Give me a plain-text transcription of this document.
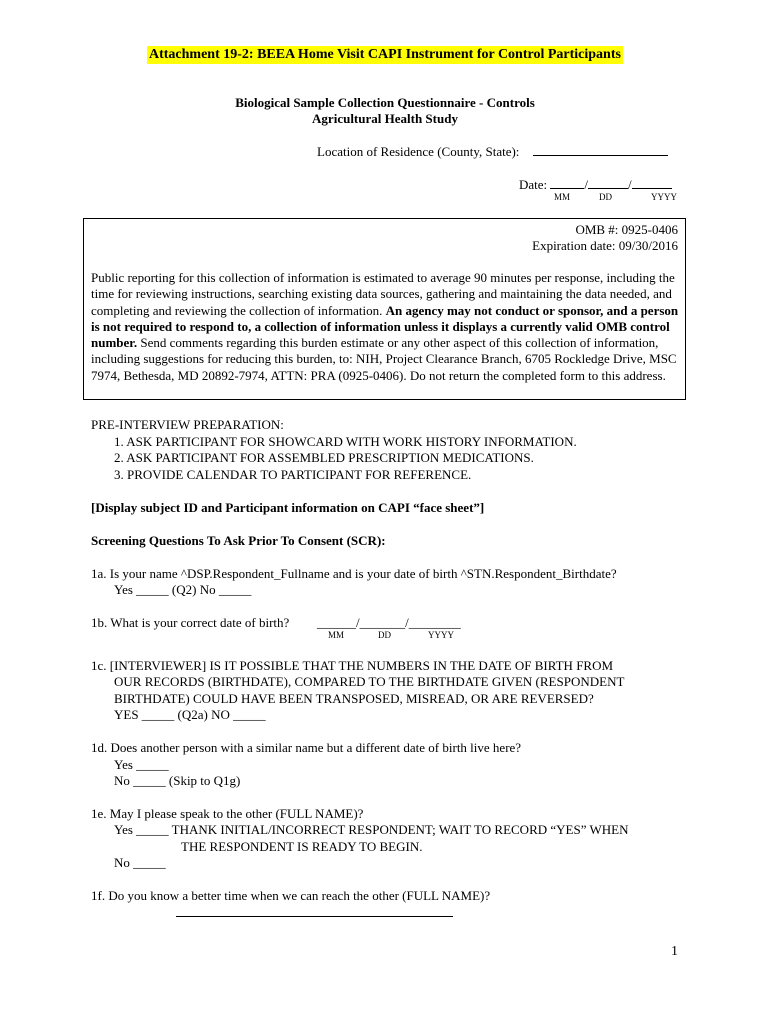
Attachment 19-2: BEEA Home Visit CAPI Instrument for Control Participants
Biological Sample Collection Questionnaire - Controls
Agricultural Health Study
Location of Residence (County, State):
Date:	/	/
MM	DD	YYYY
OMB #: 0925-0406
Expiration date: 09/30/2016
Public reporting for this collection of information is estimated to average 90 minutes per response, including the time for reviewing instructions, searching existing data sources, gathering and maintaining the data needed, and completing and reviewing the collection of information. An agency may not conduct or sponsor, and a person is not required to respond to, a collection of information unless it displays a currently valid OMB control number. Send comments regarding this burden estimate or any other aspect of this collection of information, including suggestions for reducing this burden, to: NIH, Project Clearance Branch, 6705 Rockledge Drive, MSC 7974, Bethesda, MD 20892-7974, ATTN: PRA (0925-0406). Do not return the completed form to this address.
PRE-INTERVIEW PREPARATION:
1. ASK PARTICIPANT FOR SHOWCARD WITH WORK HISTORY INFORMATION.
2. ASK PARTICIPANT FOR ASSEMBLED PRESCRIPTION MEDICATIONS.
3. PROVIDE CALENDAR TO PARTICIPANT FOR REFERENCE.
[Display subject ID and Participant information on CAPI “face sheet”]
Screening Questions To Ask Prior To Consent (SCR):
1a. Is your name ^DSP.Respondent_Fullname and is your date of birth ^STN.Respondent_Birthdate?
Yes _____ (Q2) No _____
1b. What is your correct date of birth? ______/_______/________
MM	DD	YYYY
1c. [INTERVIEWER] IS IT POSSIBLE THAT THE NUMBERS IN THE DATE OF BIRTH FROM
OUR RECORDS (BIRTHDATE), COMPARED TO THE BIRTHDATE GIVEN (RESPONDENT
BIRTHDATE) COULD HAVE BEEN TRANSPOSED, MISREAD, OR ARE REVERSED?
YES _____ (Q2a) NO _____
1d. Does another person with a similar name but a different date of birth live here?
Yes _____
No _____ (Skip to Q1g)
1e. May I please speak to the other (FULL NAME)?
Yes _____ THANK INITIAL/INCORRECT RESPONDENT; WAIT TO RECORD “YES” WHEN
THE RESPONDENT IS READY TO BEGIN.
No _____
1f. Do you know a better time when we can reach the other (FULL NAME)?
1
